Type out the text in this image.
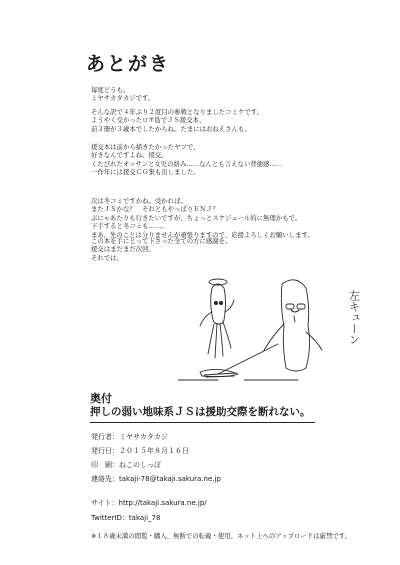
あとがき
毎度どうも。
ミヤサカタカジです。
そんな訳で４年ぶり２度目の参戦となりましたコミケです。
ようやく受かったロ⑦島でＪＳ援交本、
前３冊が３歳本でしたからね。たまにはおねえさんも。
援交本は前から描きたかったヤツで、
好きなんですよね。援交。
くたびれたオッサンと女児の絡み……なんとも言えない背徳感……
一作年には援交ＣＧ集も出しました。
次は冬コミですかね。受かれば。
またＪＳかな？　それともやっぱりＥＮＪ？
ぶにゃあたりも行きたいですが、ちょっとスケジュール的に無理かもで。
下手すると冬コミも……。
まあ、先のことは分りませんが頑張りますので、応援よろしくお願いします。
この本を手にとって下さった全ての方に感謝を。
援交はまだまだ次回。
それでは。
左キューン
奥付
押しの弱い地味系ＪＳは援助交際を断れない。
発行者：ミヤサカタカジ
発行日：２０１５年８月１６日
印　刷：ねこのしっぽ
連絡先：takaji-78@takaji.sakura.ne.jp
サイト：http://takaji.sakura.ne.jp/
TwitterID：takaji_78
※１８歳未満の閲覧・購入、無断での転載・使用、ネット上へのアップロードは厳禁です。
